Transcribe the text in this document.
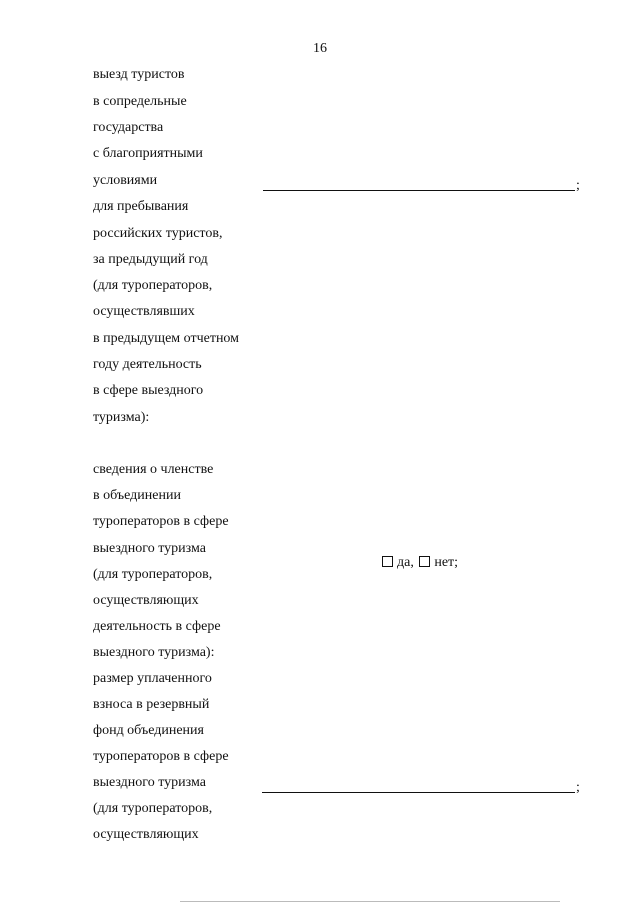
16
выезд туристов
в сопредельные
государства
с благоприятными
условиями
для пребывания
российских туристов,
за предыдущий год
(для туроператоров,
осуществлявших
в предыдущем отчетном
году деятельность
в сфере выездного
туризма):
сведения о членстве
в объединении
туроператоров в сфере
выездного туризма
(для туроператоров,
осуществляющих
деятельность в сфере
выездного туризма):
размер уплаченного
взноса в резервный
фонд объединения
туроператоров в сфере
выездного туризма
(для туроператоров,
осуществляющих
;
да, нет;
;
